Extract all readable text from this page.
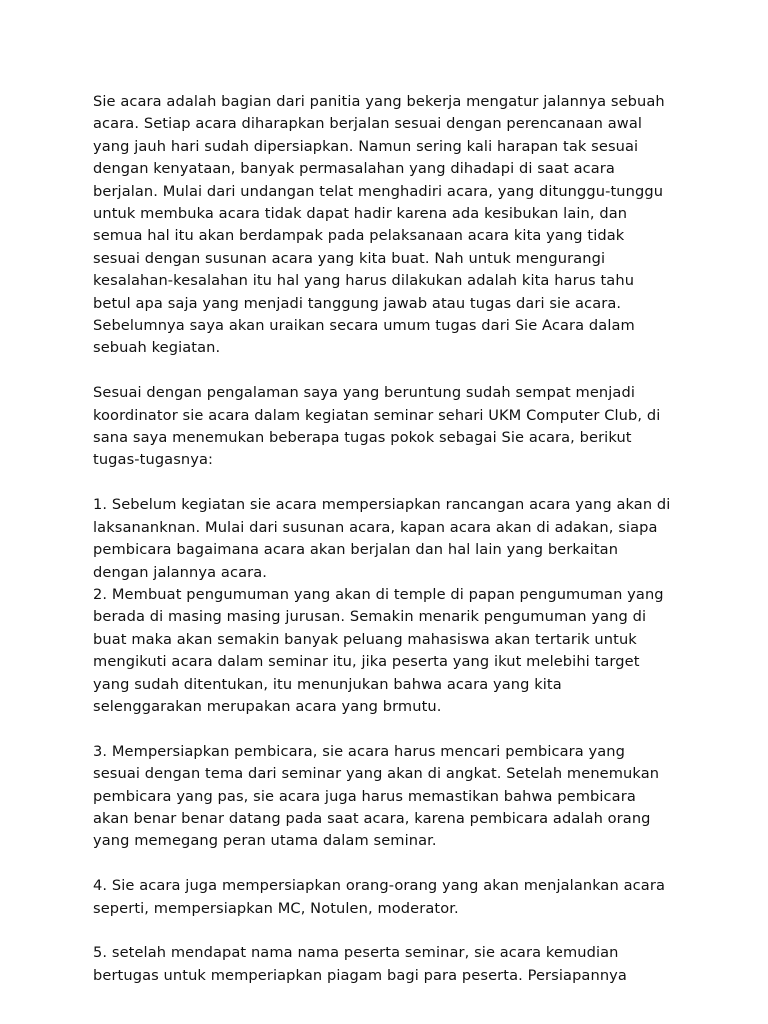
Sie acara adalah bagian dari panitia yang bekerja mengatur jalannya sebuah
acara. Setiap acara diharapkan berjalan sesuai dengan perencanaan awal
yang jauh hari sudah dipersiapkan. Namun sering kali harapan tak sesuai
dengan kenyataan, banyak permasalahan yang dihadapi di saat acara
berjalan. Mulai dari undangan telat menghadiri acara, yang ditunggu-tunggu
untuk membuka acara tidak dapat hadir karena ada kesibukan lain, dan
semua hal itu akan berdampak pada pelaksanaan acara kita yang tidak
sesuai dengan susunan acara yang kita buat. Nah untuk mengurangi
kesalahan-kesalahan itu hal yang harus dilakukan adalah kita harus tahu
betul apa saja yang menjadi tanggung jawab atau tugas dari sie acara.
Sebelumnya saya akan uraikan secara umum tugas dari Sie Acara dalam
sebuah kegiatan.
Sesuai dengan pengalaman saya yang beruntung sudah sempat menjadi
koordinator sie acara dalam kegiatan seminar sehari UKM Computer Club, di
sana saya menemukan beberapa tugas pokok sebagai Sie acara, berikut
tugas-tugasnya:
1. Sebelum kegiatan sie acara mempersiapkan rancangan acara yang akan di
laksananknan. Mulai dari susunan acara, kapan acara akan di adakan, siapa
pembicara bagaimana acara akan berjalan dan hal lain yang berkaitan
dengan jalannya acara.
2. Membuat pengumuman yang akan di temple di papan pengumuman yang
berada di masing masing jurusan. Semakin menarik pengumuman yang di
buat maka akan semakin banyak peluang mahasiswa akan tertarik untuk
mengikuti acara dalam seminar itu, jika peserta yang ikut melebihi target
yang sudah ditentukan, itu menunjukan bahwa acara yang kita
selenggarakan merupakan acara yang brmutu.
3. Mempersiapkan pembicara, sie acara harus mencari pembicara yang
sesuai dengan tema dari seminar yang akan di angkat. Setelah menemukan
pembicara yang pas, sie acara juga harus memastikan bahwa pembicara
akan benar benar datang pada saat acara, karena pembicara adalah orang
yang memegang peran utama dalam seminar.
4. Sie acara juga mempersiapkan orang-orang yang akan menjalankan acara
seperti, mempersiapkan MC, Notulen, moderator.
5. setelah mendapat nama nama peserta seminar, sie acara kemudian
bertugas untuk memperiapkan piagam bagi para peserta. Persiapannya
